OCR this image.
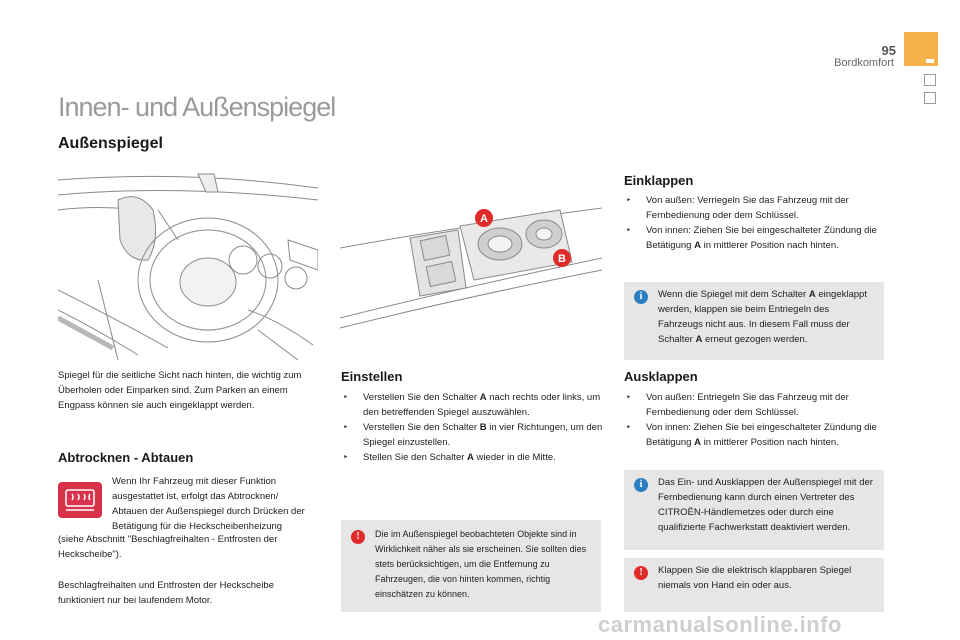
95
Bordkomfort
Innen- und Außenspiegel
Außenspiegel
A
B
Spiegel für die seitliche Sicht nach hinten, die wichtig zum Überholen oder Einparken sind. Zum Parken an einem Engpass können sie auch eingeklappt werden.
Abtrocknen - Abtauen
Wenn Ihr Fahrzeug mit dieser Funktion ausgestattet ist, erfolgt das Abtrocknen/ Abtauen der Außenspiegel durch Drücken der Betätigung für die Heckscheibenheizung
(siehe Abschnitt "Beschlagfreihalten - Entfrosten der Heckscheibe").
Beschlagfreihalten und Entfrosten der Heckscheibe funktioniert nur bei laufendem Motor.
Einstellen
‣ Verstellen Sie den Schalter A nach rechts oder links, um den betreffenden Spiegel auszuwählen.
‣ Verstellen Sie den Schalter B in vier Richtungen, um den Spiegel einzustellen.
‣ Stellen Sie den Schalter A wieder in die Mitte.
!	Die im Außenspiegel beobachteten Objekte sind in Wirklichkeit näher als sie erscheinen. Sie sollten dies stets berücksichtigen, um die Entfernung zu Fahrzeugen, die von hinten kommen, richtig einschätzen zu können.
Einklappen
‣ Von außen: Verriegeln Sie das Fahrzeug mit der Fernbedienung oder dem Schlüssel.
‣ Von innen: Ziehen Sie bei eingeschalteter Zündung die Betätigung A in mittlerer Position nach hinten.
i	Wenn die Spiegel mit dem Schalter A eingeklappt werden, klappen sie beim Entriegeln des Fahrzeugs nicht aus. In diesem Fall muss der Schalter A erneut gezogen werden.
Ausklappen
‣ Von außen: Entriegeln Sie das Fahrzeug mit der Fernbedienung oder dem Schlüssel.
‣ Von innen: Ziehen Sie bei eingeschalteter Zündung die Betätigung A in mittlerer Position nach hinten.
i	Das Ein- und Ausklappen der Außenspiegel mit der Fernbedienung kann durch einen Vertreter des CITROËN-Händlernetzes oder durch eine qualifizierte Fachwerkstatt deaktiviert werden.
!	Klappen Sie die elektrisch klappbaren Spiegel niemals von Hand ein oder aus.
carmanualsonline.info
